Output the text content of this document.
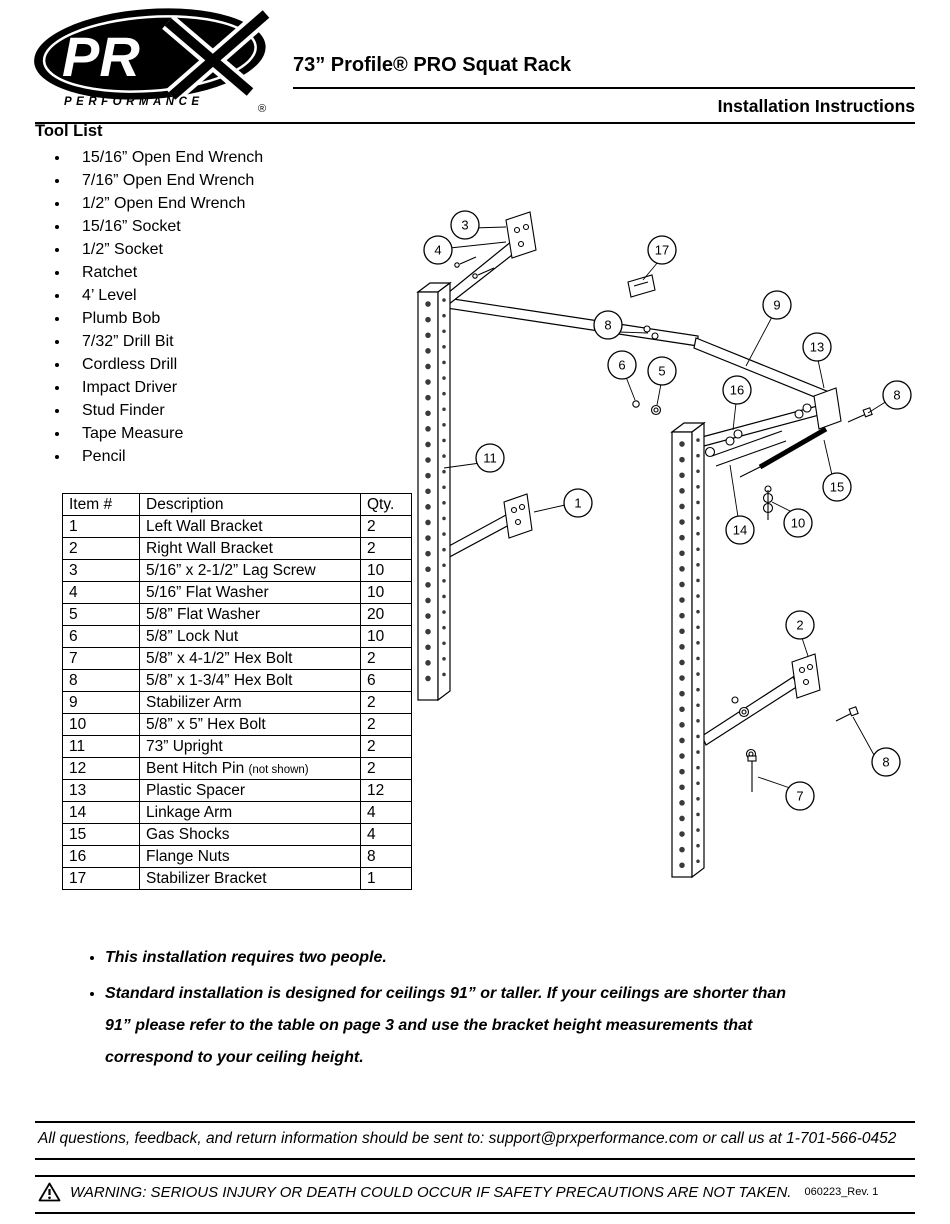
PR
PERFORMANCE
®
73” Profile® PRO Squat Rack
Installation Instructions
Tool List
• 15/16” Open End Wrench
• 7/16” Open End Wrench
• 1/2” Open End Wrench
• 15/16” Socket
• 1/2” Socket
• Ratchet
• 4’ Level
• Plumb Bob
• 7/32” Drill Bit
• Cordless Drill
• Impact Driver
• Stud Finder
• Tape Measure
• Pencil
Item #	Description	Qty.
1	Left Wall Bracket	2
2	Right Wall Bracket	2
3	5/16” x 2-1/2” Lag Screw	10
4	5/16” Flat Washer	10
5	5/8” Flat Washer	20
6	5/8” Lock Nut	10
7	5/8” x 4-1/2” Hex Bolt	2
8	5/8” x 1-3/4” Hex Bolt	6
9	Stabilizer Arm	2
10	5/8” x 5” Hex Bolt	2
11	73” Upright	2
12	Bent Hitch Pin (not shown)	2
13	Plastic Spacer	12
14	Linkage Arm	4
15	Gas Shocks	4
16	Flange Nuts	8
17	Stabilizer Bracket	1
3
4	17
8
9
13
6	5
16	8
11
15
1
14	10
2
8
7
• This installation requires two people.
• Standard installation is designed for ceilings 91” or taller. If your ceilings are shorter than 91” please refer to the table on page 3 and use the bracket height measurements that correspond to your ceiling height.
All questions, feedback, and return information should be sent to: support@prxperformance.com or call us at 1-701-566-0452
WARNING: SERIOUS INJURY OR DEATH COULD OCCUR IF SAFETY PRECAUTIONS ARE NOT TAKEN. 060223_Rev. 1
